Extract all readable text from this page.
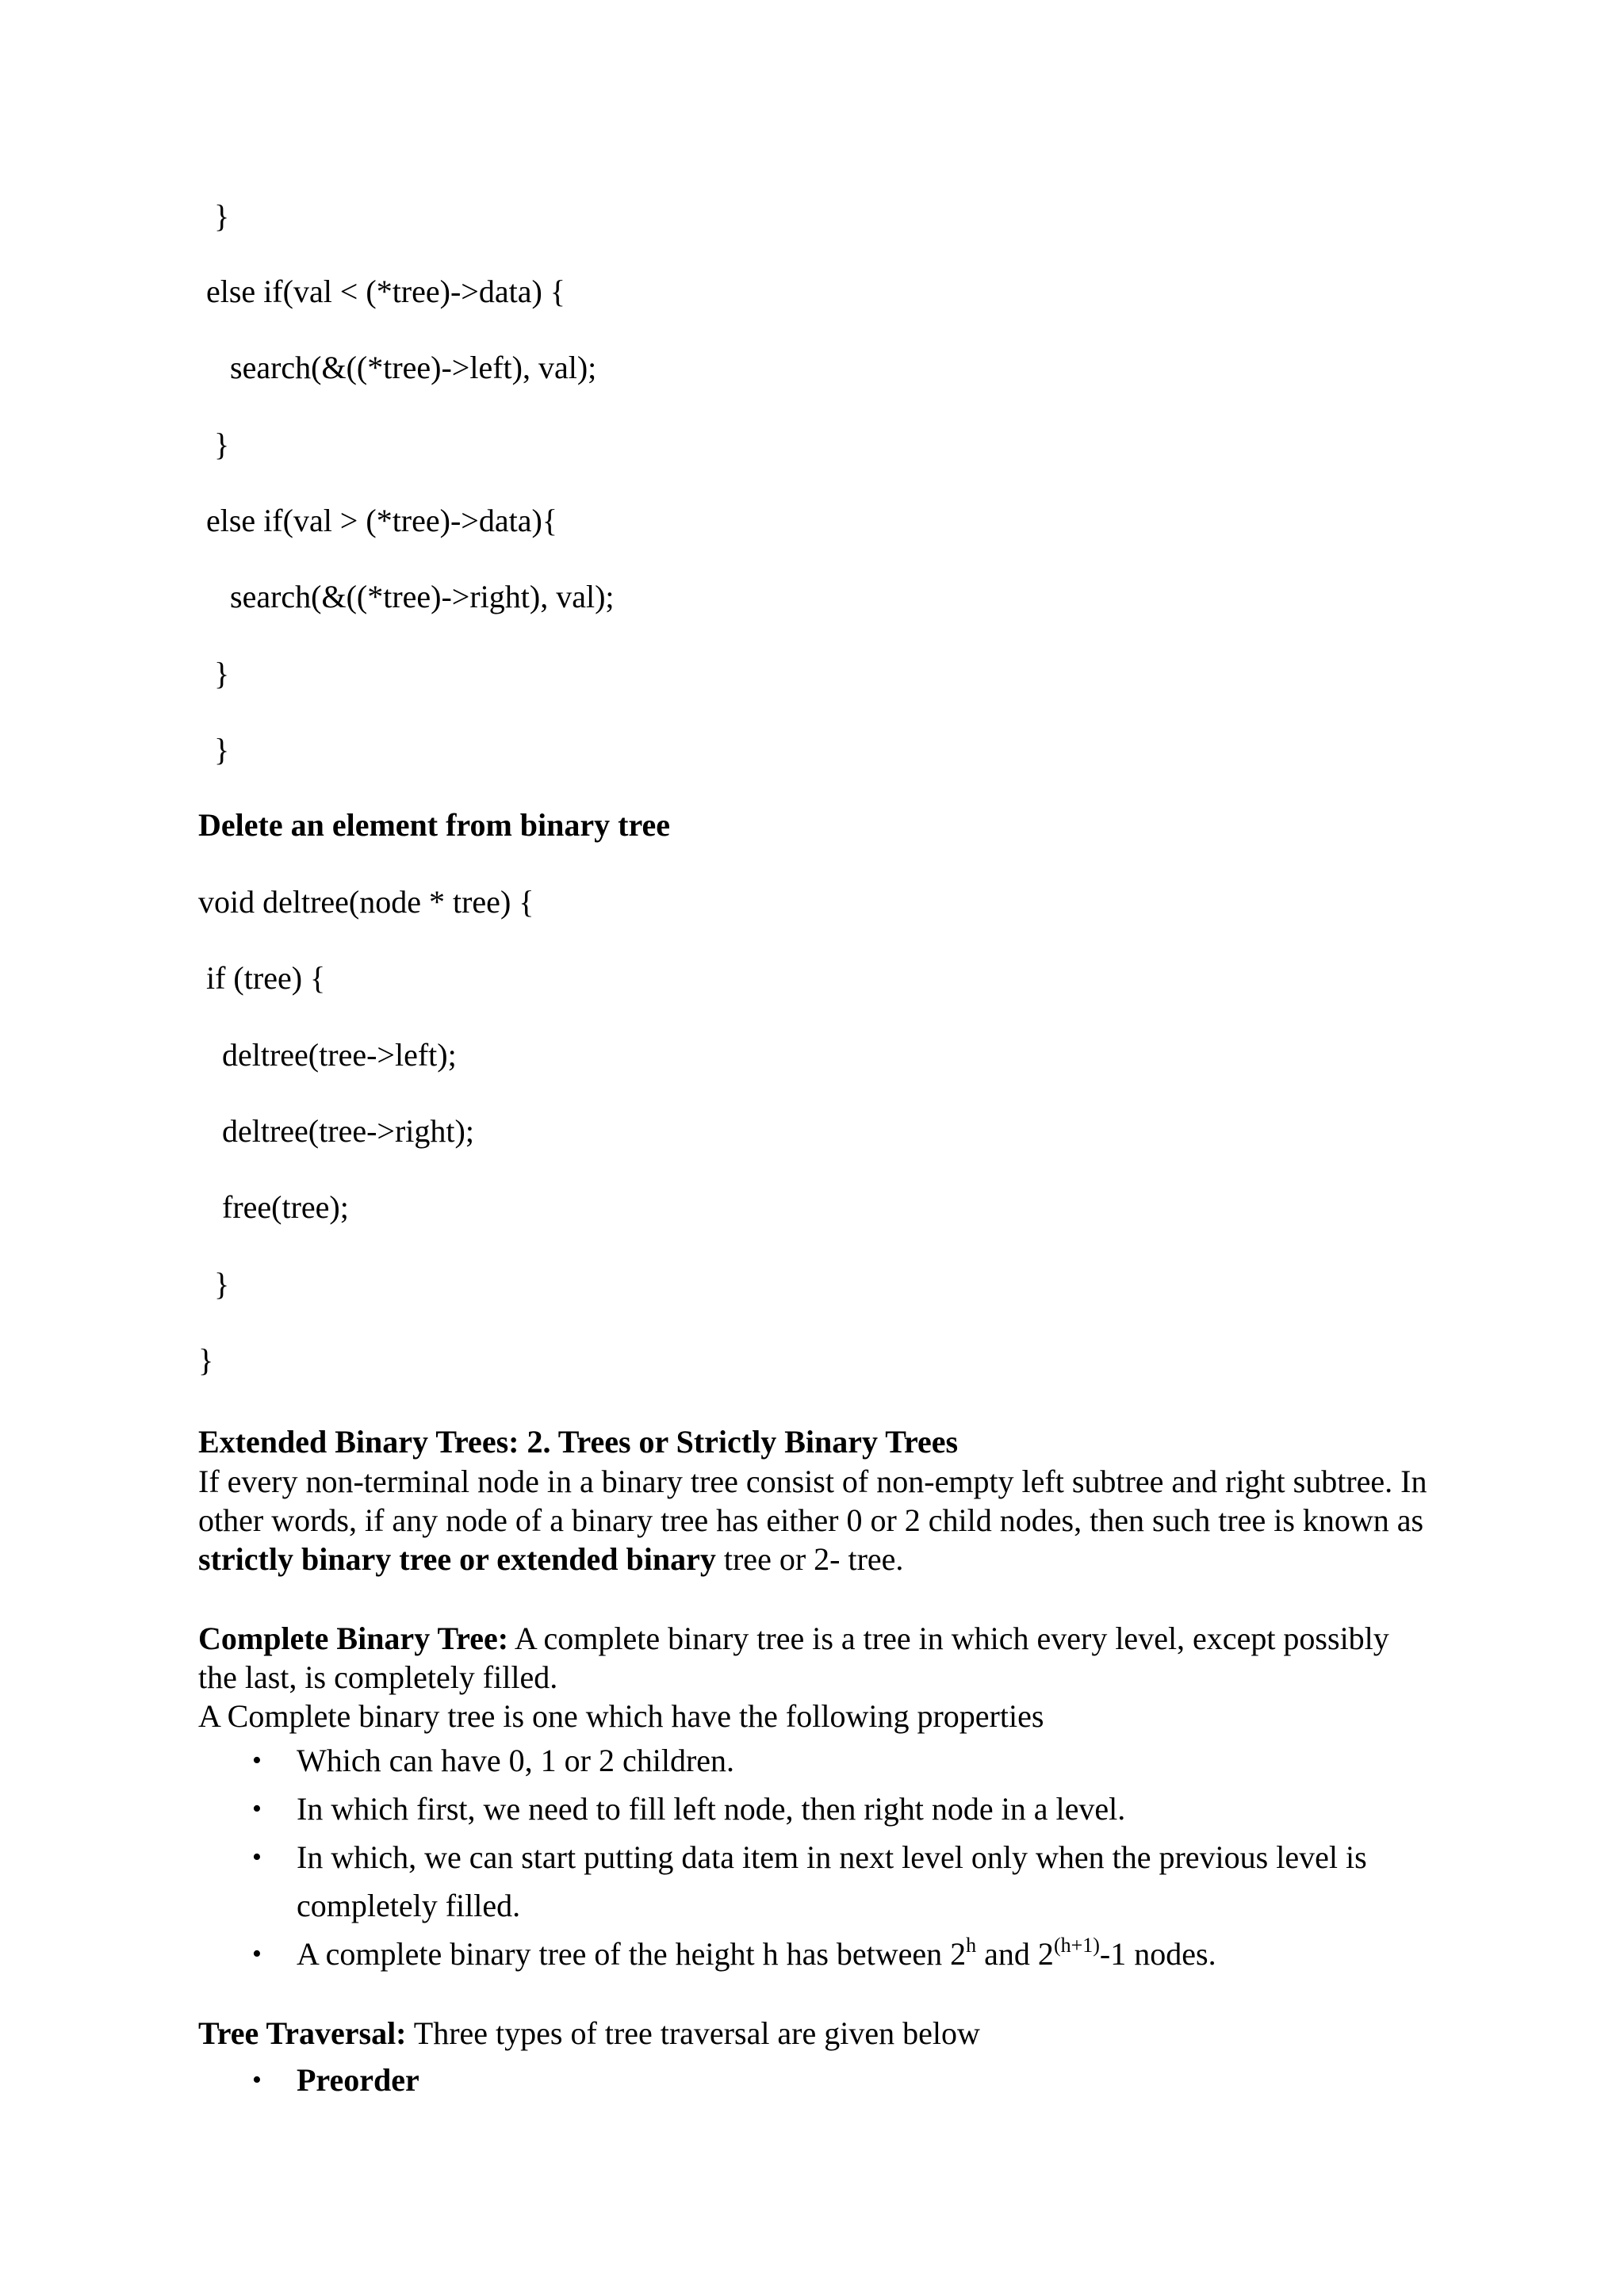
}
else if(val < (*tree)->data) {
search(&((*tree)->left), val);
}
else if(val > (*tree)->data){
search(&((*tree)->right), val);
}
}
Delete an element from binary tree
void deltree(node * tree) {
if (tree) {
deltree(tree->left);
deltree(tree->right);
free(tree);
}
}
Extended Binary Trees: 2. Trees or Strictly Binary Trees
If every non-terminal node in a binary tree consist of non-empty left subtree and right subtree. In other words, if any node of a binary tree has either 0 or 2 child nodes, then such tree is known as strictly binary tree or extended binary tree or 2- tree.
Complete Binary Tree: A complete binary tree is a tree in which every level, except possibly the last, is completely filled.
A Complete binary tree is one which have the following properties
• Which can have 0, 1 or 2 children.
• In which first, we need to fill left node, then right node in a level.
• In which, we can start putting data item in next level only when the previous level is completely filled.
• A complete binary tree of the height h has between 2$^h$ and $2^{(h+1)}-1$ nodes.
Tree Traversal: Three types of tree traversal are given below
• Preorder
